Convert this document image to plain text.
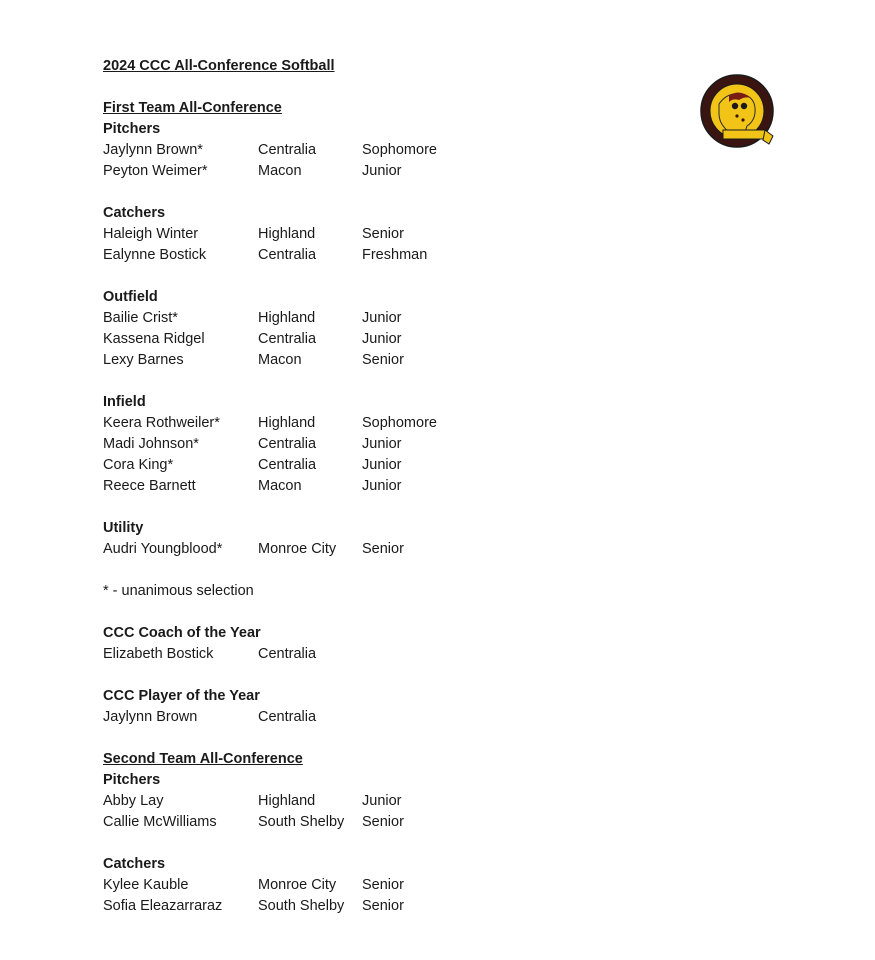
2024 CCC All-Conference Softball
First Team All-Conference
Pitchers
Jaylynn Brown*	Centralia	Sophomore
Peyton Weimer*	Macon	Junior
Catchers
Haleigh Winter	Highland	Senior
Ealynne Bostick	Centralia	Freshman
Outfield
Bailie Crist*	Highland	Junior
Kassena Ridgel	Centralia	Junior
Lexy Barnes	Macon	Senior
Infield
Keera Rothweiler*	Highland	Sophomore
Madi Johnson*	Centralia	Junior
Cora King*	Centralia	Junior
Reece Barnett	Macon	Junior
Utility
Audri Youngblood*	Monroe City	Senior
* - unanimous selection
CCC Coach of the Year
Elizabeth Bostick	Centralia
CCC Player of the Year
Jaylynn Brown	Centralia
Second Team All-Conference
Pitchers
Abby Lay	Highland	Junior
Callie McWilliams	South Shelby	Senior
Catchers
Kylee Kauble	Monroe City	Senior
Sofia Eleazarraraz	South Shelby	Senior
